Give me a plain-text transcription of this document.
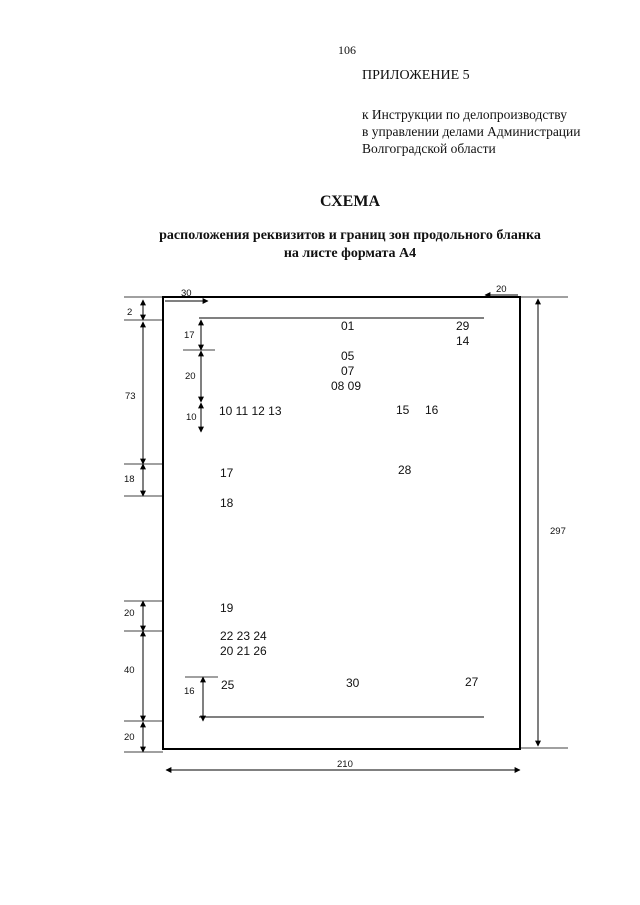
106
ПРИЛОЖЕНИЕ 5
к Инструкции по делопроизводству
в управлении делами Администрации
Волгоградской области
СХЕМА
расположения реквизитов и границ зон продольного бланка
на листе формата А4
30	20
2
17
20
73
10
18
297
20
40
16
20
210
01	29
14
05
07
08 09
10 11 12 13	15 16
17	28
18
19
22 23 24
20 21 26
25	30	27
